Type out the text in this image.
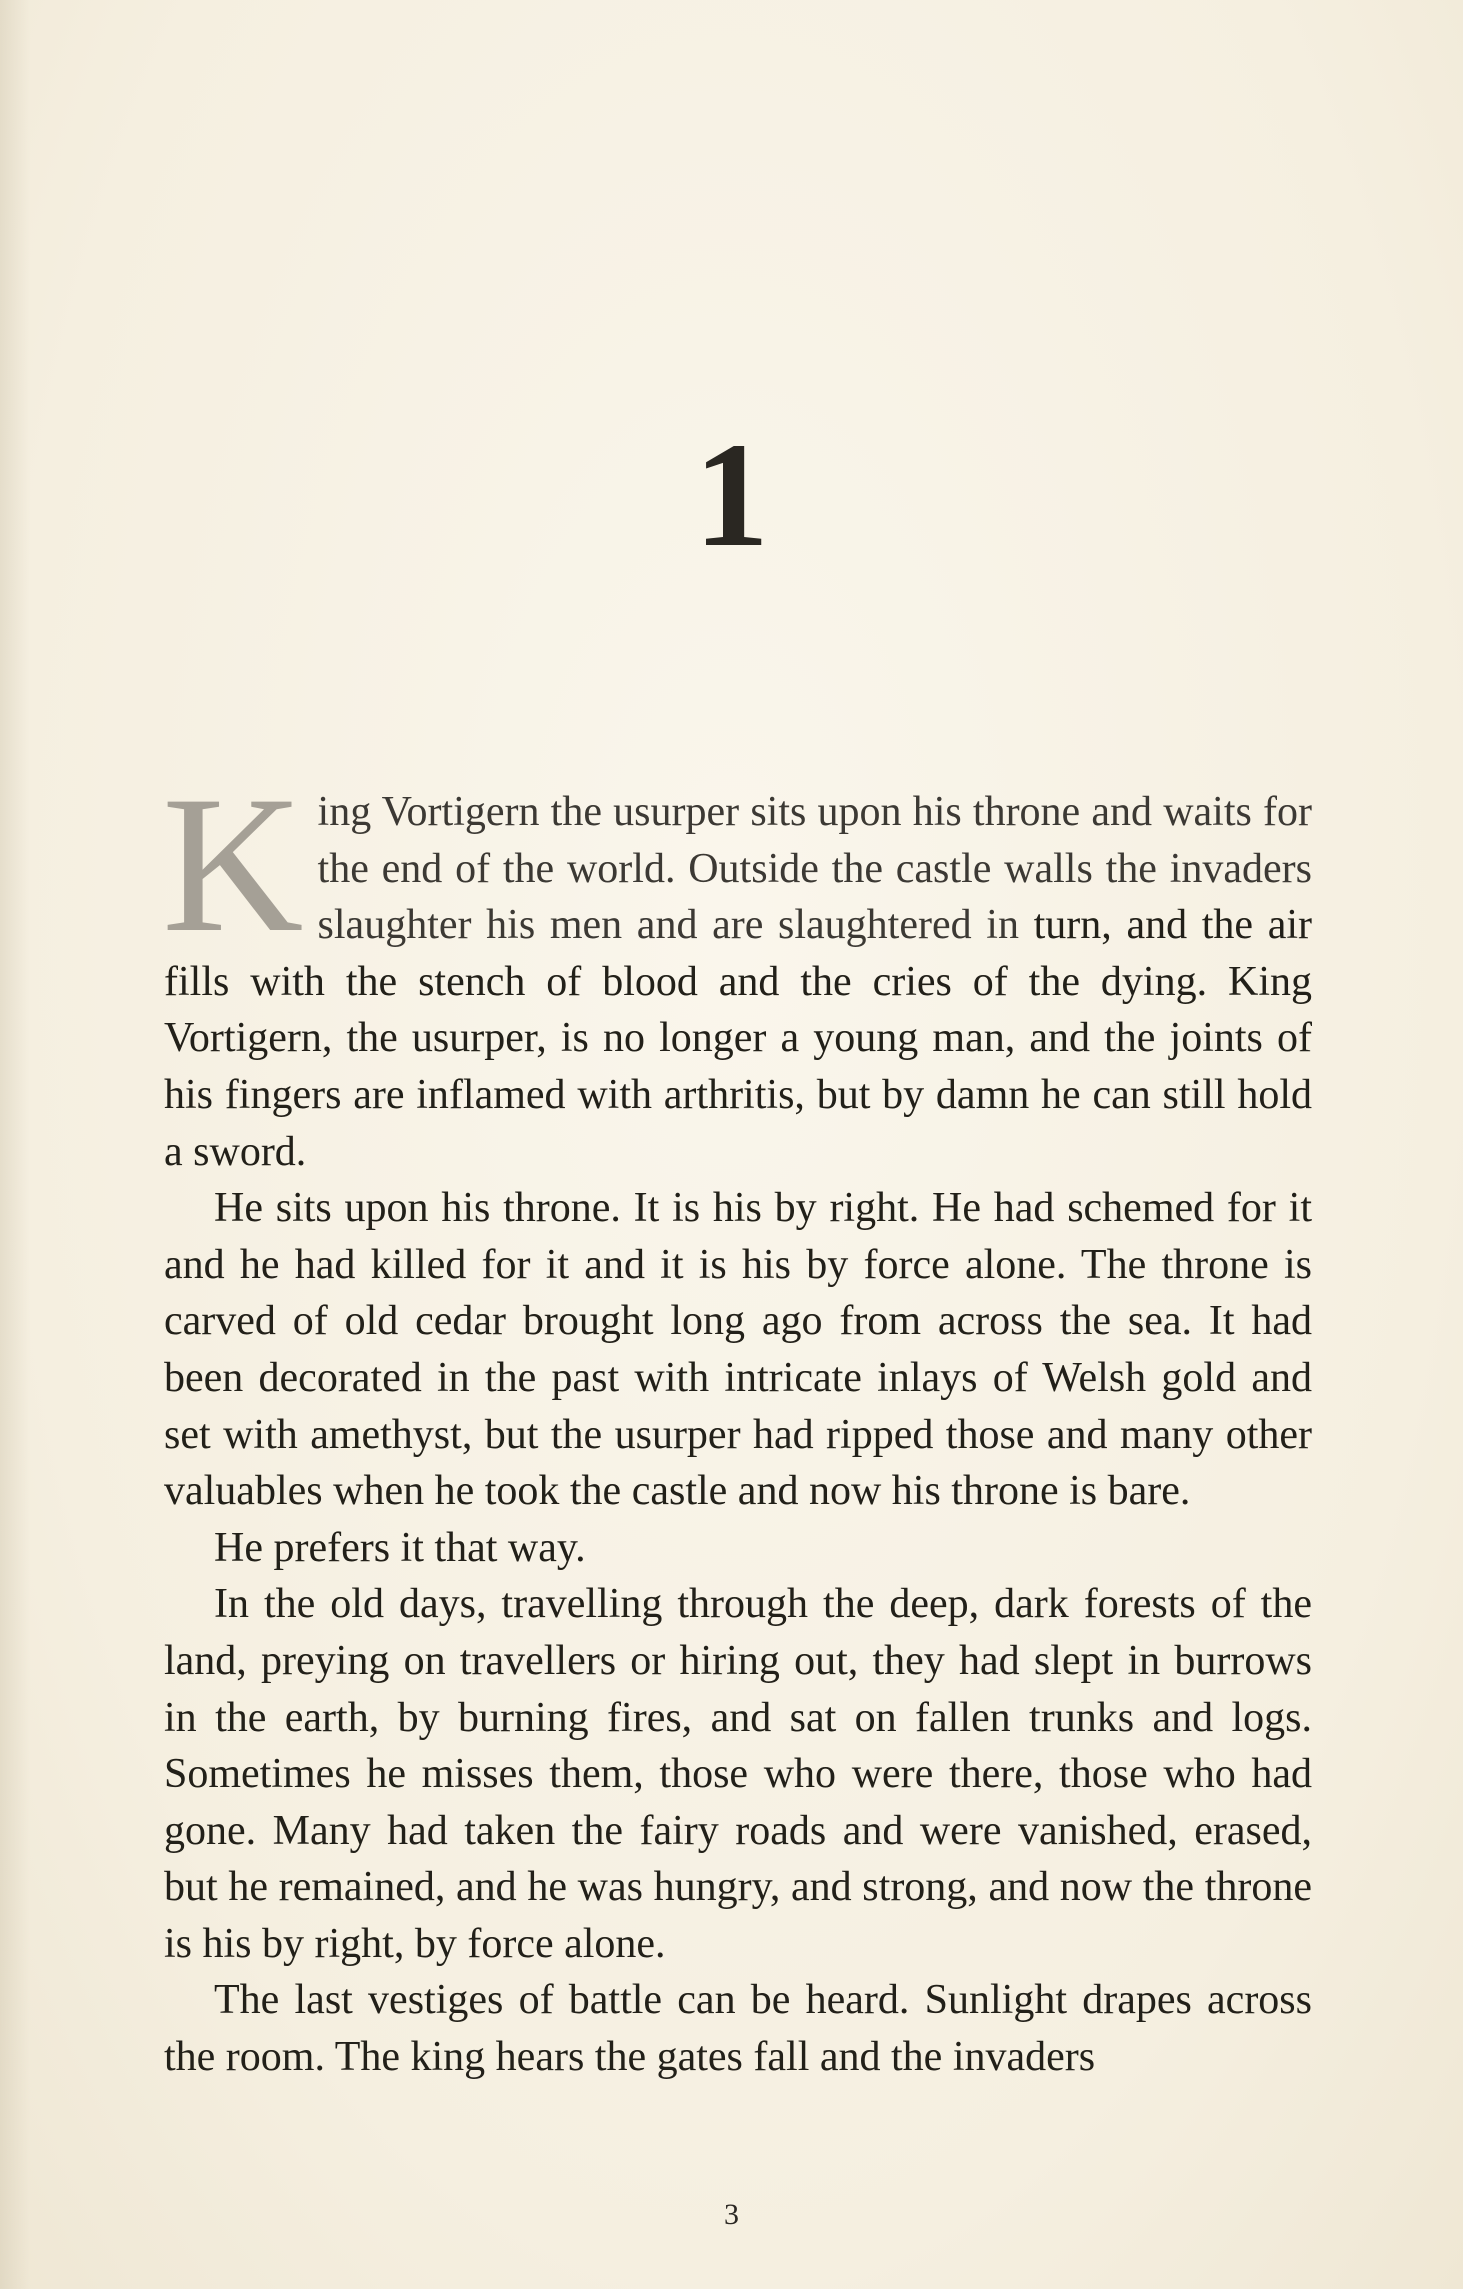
1

King Vortigern the usurper sits upon his throne and waits for the end of the world. Outside the castle walls the invaders slaughter his men and are slaughtered in turn, and the air fills with the stench of blood and the cries of the dying. King Vortigern, the usurper, is no longer a young man, and the joints of his fingers are inflamed with arthritis, but by damn he can still hold a sword.

He sits upon his throne. It is his by right. He had schemed for it and he had killed for it and it is his by force alone. The throne is carved of old cedar brought long ago from across the sea. It had been decorated in the past with intricate inlays of Welsh gold and set with amethyst, but the usurper had ripped those and many other valuables when he took the castle and now his throne is bare.

He prefers it that way.

In the old days, travelling through the deep, dark forests of the land, preying on travellers or hiring out, they had slept in burrows in the earth, by burning fires, and sat on fallen trunks and logs. Sometimes he misses them, those who were there, those who had gone. Many had taken the fairy roads and were vanished, erased, but he remained, and he was hungry, and strong, and now the throne is his by right, by force alone.

The last vestiges of battle can be heard. Sunlight drapes across the room. The king hears the gates fall and the invaders

3
